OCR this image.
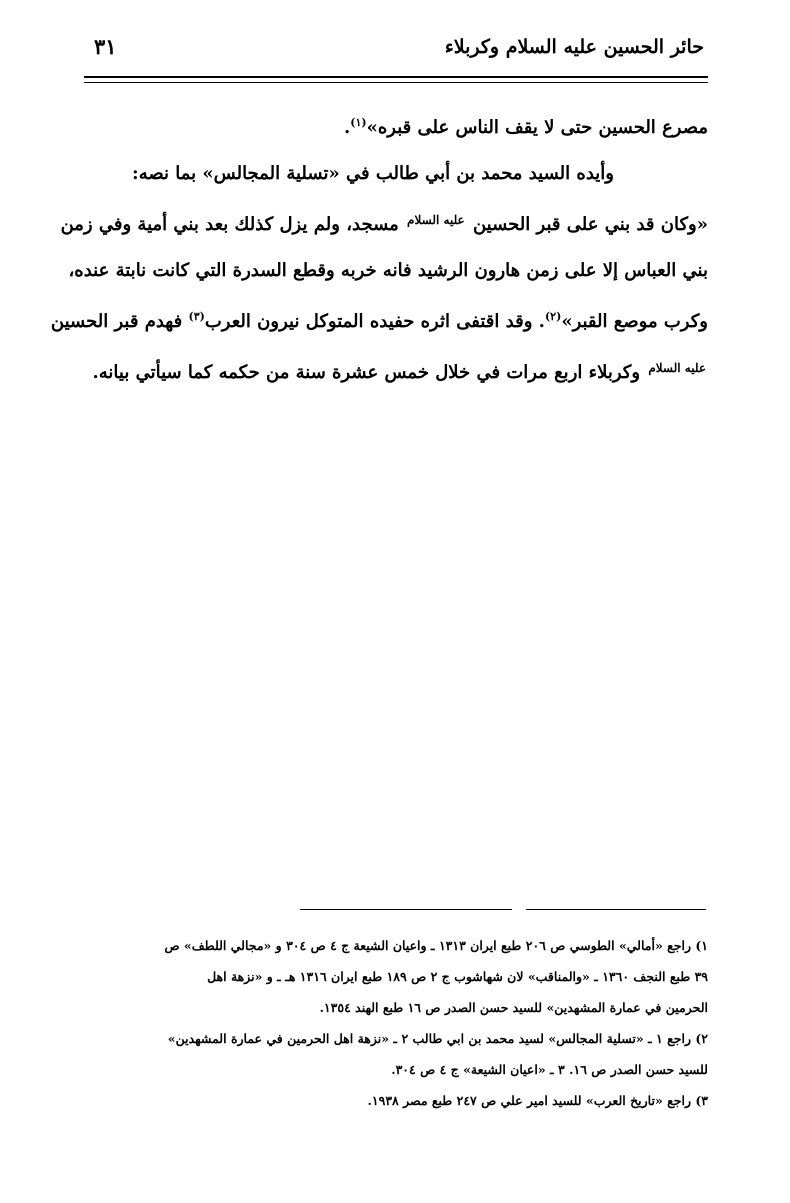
حائر الحسين عليه السلام وكربلاء
٣١

مصرع الحسين حتى لا يقف الناس على قبره»$^{(١)}$.

وأيده السيد محمد بن أبي طالب في «تسلية المجالس» بما نصه:

«وكان قد بني على قبر الحسين عليه السلام مسجد، ولم يزل كذلك بعد بني أمية وفي زمن
بني العباس إلا على زمن هارون الرشيد فانه خربه وقطع السدرة التي كانت نابتة عنده،
وكرب موصع القبر»$^{(٢)}$. وقد اقتفى اثره حفيده المتوكل نيرون العرب$^{(٣)}$ فهدم قبر الحسين
عليه السلام وكربلاء اربع مرات في خلال خمس عشرة سنة من حكمه كما سيأتي بيانه.

١) راجع «أمالي» الطوسي ص ٢٠٦ طبع ايران ١٣١٣ ـ واعيان الشيعة ج ٤ ص ٣٠٤ و «مجالي اللطف» ص
٣٩ طبع النجف ١٣٦٠ ـ «والمناقب» لان شهاشوب ج ٢ ص ١٨٩ طبع ايران ١٣١٦ هـ ـ و «نزهة اهل
الحرمين في عمارة المشهدين» للسيد حسن الصدر ص ١٦ طبع الهند ١٣٥٤.
٢) راجع ١ ـ «تسلية المجالس» لسيد محمد بن ابي طالب ٢ ـ «نزهة اهل الحرمين في عمارة المشهدين»
للسيد حسن الصدر ص ١٦. ٣ ـ «اعيان الشيعة» ج ٤ ص ٣٠٤.
٣) راجع «تاريخ العرب» للسيد امير علي ص ٢٤٧ طبع مصر ١٩٣٨.
